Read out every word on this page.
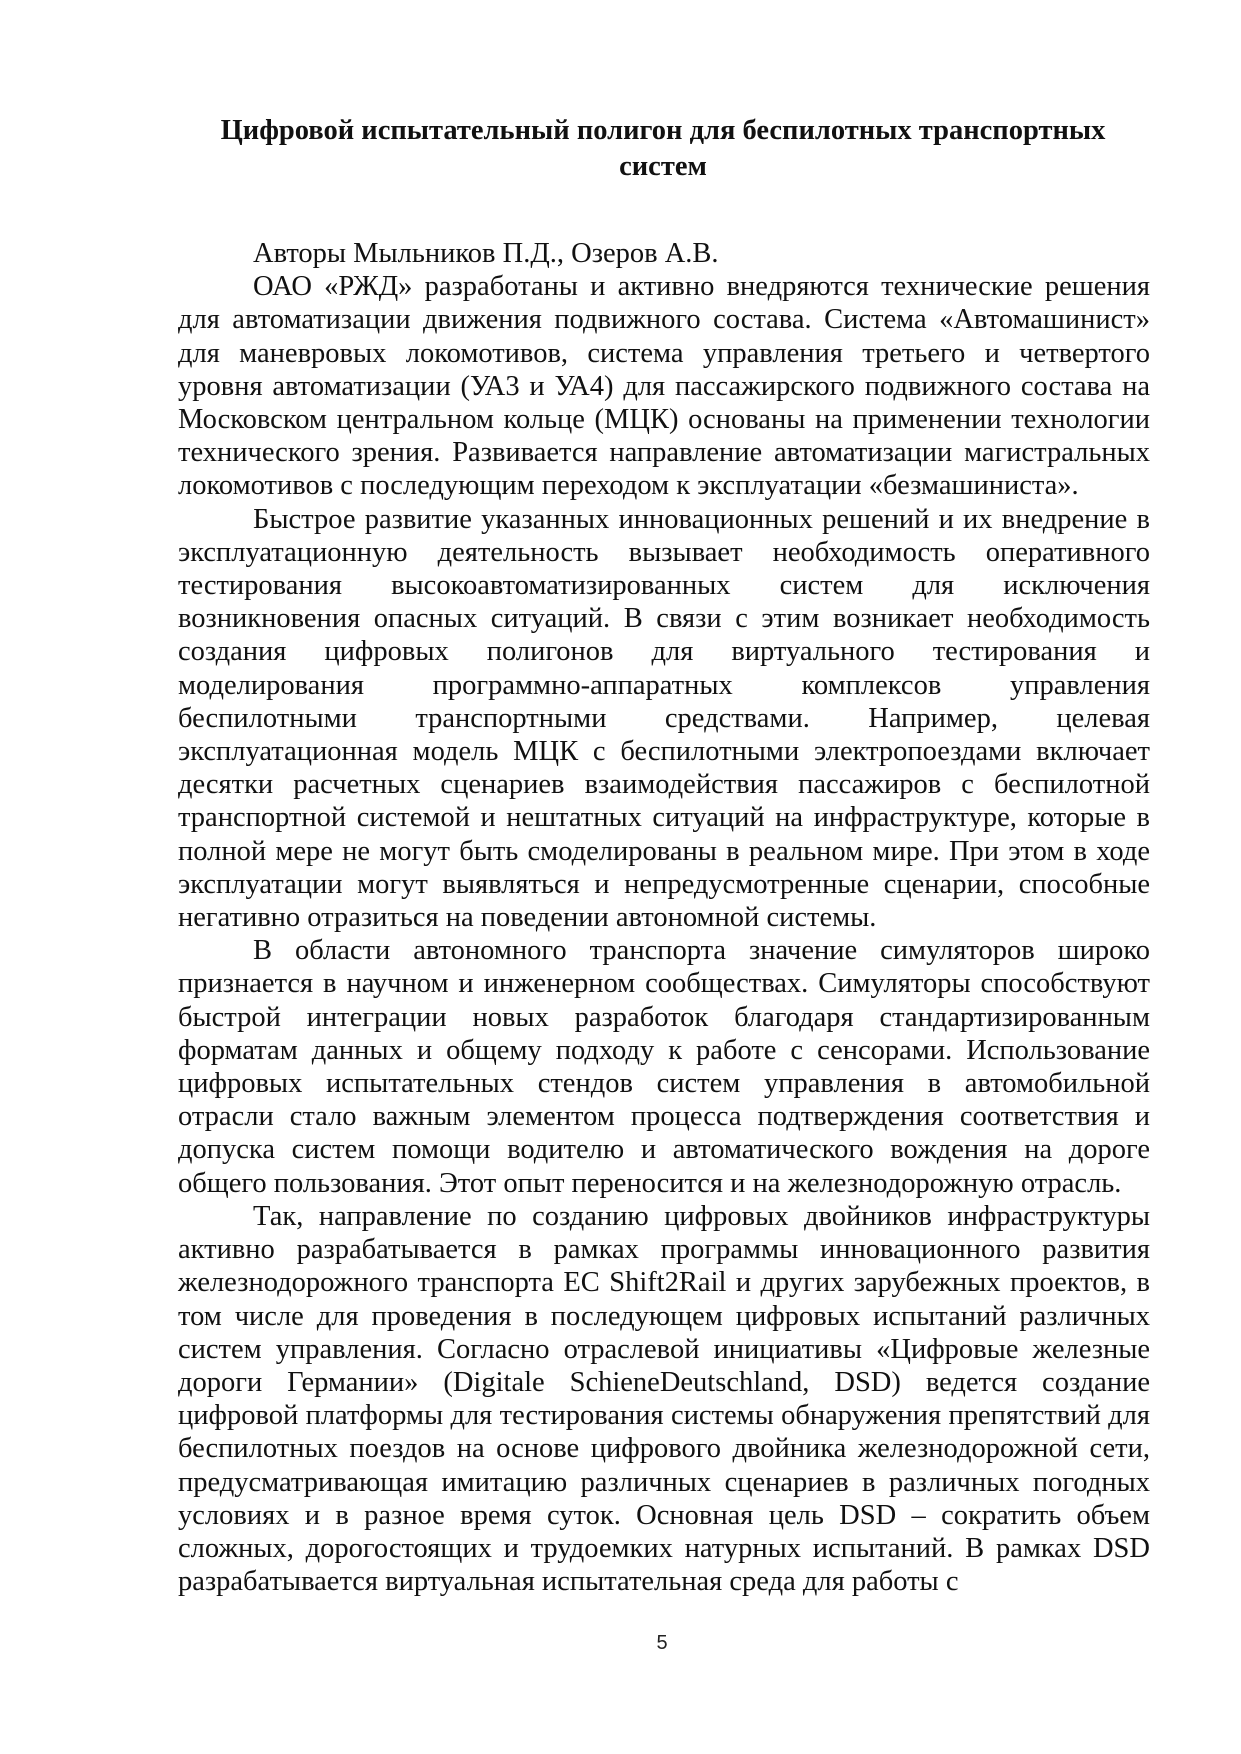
Цифровой испытательный полигон для беспилотных транспортных систем

Авторы Мыльников П.Д., Озеров А.В.

ОАО «РЖД» разработаны и активно внедряются технические решения для автоматизации движения подвижного состава. Система «Автомашинист» для маневровых локомотивов, система управления третьего и четвертого уровня автоматизации (УА3 и УА4) для пассажирского подвижного состава на Московском центральном кольце (МЦК) основаны на применении технологии технического зрения. Развивается направление автоматизации магистральных локомотивов с последующим переходом к эксплуатации «безмашиниста».

Быстрое развитие указанных инновационных решений и их внедрение в эксплуатационную деятельность вызывает необходимость оперативного тестирования высокоавтоматизированных систем для исключения возникновения опасных ситуаций. В связи с этим возникает необходимость создания цифровых полигонов для виртуального тестирования и моделирования программно-аппаратных комплексов управления беспилотными транспортными средствами. Например, целевая эксплуатационная модель МЦК с беспилотными электропоездами включает десятки расчетных сценариев взаимодействия пассажиров с беспилотной транспортной системой и нештатных ситуаций на инфраструктуре, которые в полной мере не могут быть смоделированы в реальном мире. При этом в ходе эксплуатации могут выявляться и непредусмотренные сценарии, способные негативно отразиться на поведении автономной системы.

В области автономного транспорта значение симуляторов широко признается в научном и инженерном сообществах. Симуляторы способствуют быстрой интеграции новых разработок благодаря стандартизированным форматам данных и общему подходу к работе с сенсорами. Использование цифровых испытательных стендов систем управления в автомобильной отрасли стало важным элементом процесса подтверждения соответствия и допуска систем помощи водителю и автоматического вождения на дороге общего пользования. Этот опыт переносится и на железнодорожную отрасль.

Так, направление по созданию цифровых двойников инфраструктуры активно разрабатывается в рамках программы инновационного развития железнодорожного транспорта ЕС Shift2Rail и других зарубежных проектов, в том числе для проведения в последующем цифровых испытаний различных систем управления. Согласно отраслевой инициативы «Цифровые железные дороги Германии» (Digitale SchieneDeutschland, DSD) ведется создание цифровой платформы для тестирования системы обнаружения препятствий для беспилотных поездов на основе цифрового двойника железнодорожной сети, предусматривающая имитацию различных сценариев в различных погодных условиях и в разное время суток. Основная цель DSD – сократить объем сложных, дорогостоящих и трудоемких натурных испытаний. В рамках DSD разрабатывается виртуальная испытательная среда для работы с

5
